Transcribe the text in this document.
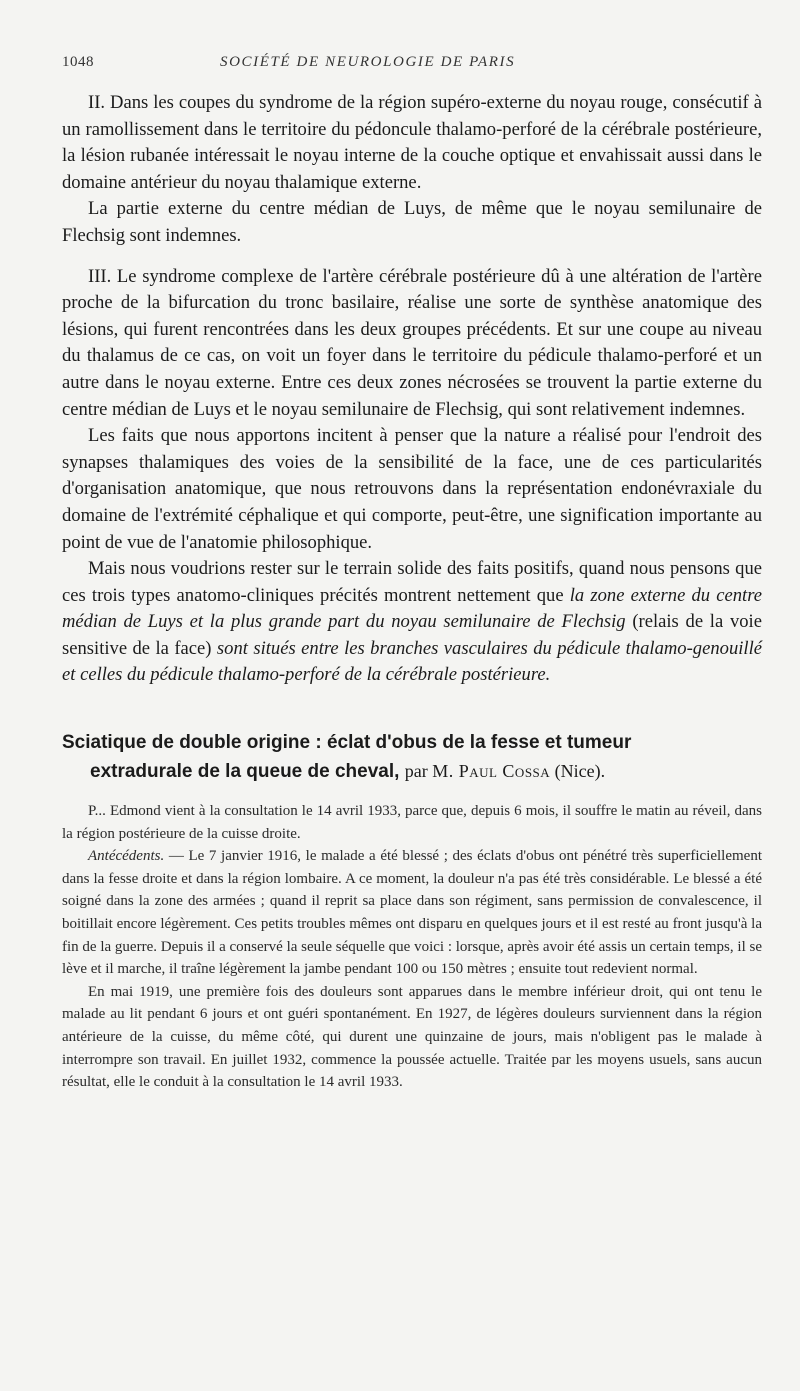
1048	SOCIÉTÉ DE NEUROLOGIE DE PARIS

II. Dans les coupes du syndrome de la région supéro-externe du noyau rouge, consécutif à un ramollissement dans le territoire du pédoncule thalamo-perforé de la cérébrale postérieure, la lésion rubanée intéressait le noyau interne de la couche optique et envahissait aussi dans le domaine antérieur du noyau thalamique externe.

La partie externe du centre médian de Luys, de même que le noyau semilunaire de Flechsig sont indemnes.

III. Le syndrome complexe de l'artère cérébrale postérieure dû à une altération de l'artère proche de la bifurcation du tronc basilaire, réalise une sorte de synthèse anatomique des lésions, qui furent rencontrées dans les deux groupes précédents. Et sur une coupe au niveau du thalamus de ce cas, on voit un foyer dans le territoire du pédicule thalamo-perforé et un autre dans le noyau externe. Entre ces deux zones nécrosées se trouvent la partie externe du centre médian de Luys et le noyau semilunaire de Flechsig, qui sont relativement indemnes.

Les faits que nous apportons incitent à penser que la nature a réalisé pour l'endroit des synapses thalamiques des voies de la sensibilité de la face, une de ces particularités d'organisation anatomique, que nous retrouvons dans la représentation endonévraxiale du domaine de l'extrémité céphalique et qui comporte, peut-être, une signification importante au point de vue de l'anatomie philosophique.

Mais nous voudrions rester sur le terrain solide des faits positifs, quand nous pensons que ces trois types anatomo-cliniques précités montrent nettement que la zone externe du centre médian de Luys et la plus grande part du noyau semilunaire de Flechsig (relais de la voie sensitive de la face) sont situés entre les branches vasculaires du pédicule thalamo-genouillé et celles du pédicule thalamo-perforé de la cérébrale postérieure.

Sciatique de double origine : éclat d'obus de la fesse et tumeur
extradurale de la queue de cheval, par M. Paul Cossa (Nice).

P... Edmond vient à la consultation le 14 avril 1933, parce que, depuis 6 mois, il souffre le matin au réveil, dans la région postérieure de la cuisse droite.

Antécédents. — Le 7 janvier 1916, le malade a été blessé ; des éclats d'obus ont pénétré très superficiellement dans la fesse droite et dans la région lombaire. A ce moment, la douleur n'a pas été très considérable. Le blessé a été soigné dans la zone des armées ; quand il reprit sa place dans son régiment, sans permission de convalescence, il boitillait encore légèrement. Ces petits troubles mêmes ont disparu en quelques jours et il est resté au front jusqu'à la fin de la guerre. Depuis il a conservé la seule séquelle que voici : lorsque, après avoir été assis un certain temps, il se lève et il marche, il traîne légèrement la jambe pendant 100 ou 150 mètres ; ensuite tout redevient normal.

En mai 1919, une première fois des douleurs sont apparues dans le membre inférieur droit, qui ont tenu le malade au lit pendant 6 jours et ont guéri spontanément. En 1927, de légères douleurs surviennent dans la région antérieure de la cuisse, du même côté, qui durent une quinzaine de jours, mais n'obligent pas le malade à interrompre son travail. En juillet 1932, commence la poussée actuelle. Traitée par les moyens usuels, sans aucun résultat, elle le conduit à la consultation le 14 avril 1933.
